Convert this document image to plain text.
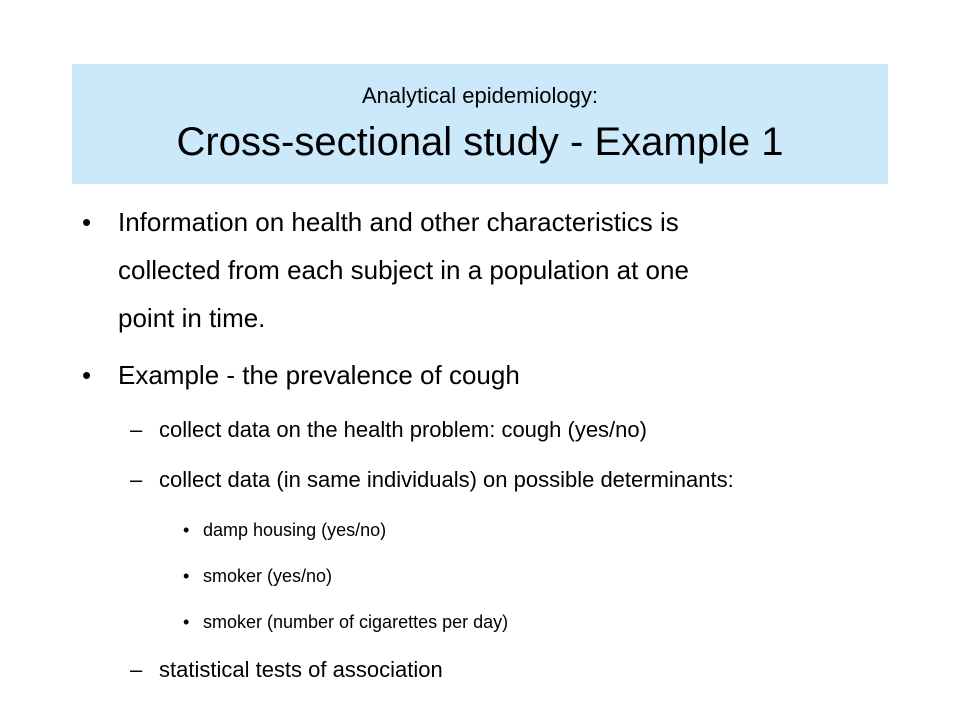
Analytical epidemiology:
Cross-sectional study - Example 1
• Information on health and other characteristics is
collected from each subject in a population at one
point in time.
• Example - the prevalence of cough
– collect data on the health problem: cough (yes/no)
– collect data (in same individuals) on possible determinants:
• damp housing (yes/no)
• smoker (yes/no)
• smoker (number of cigarettes per day)
– statistical tests of association
